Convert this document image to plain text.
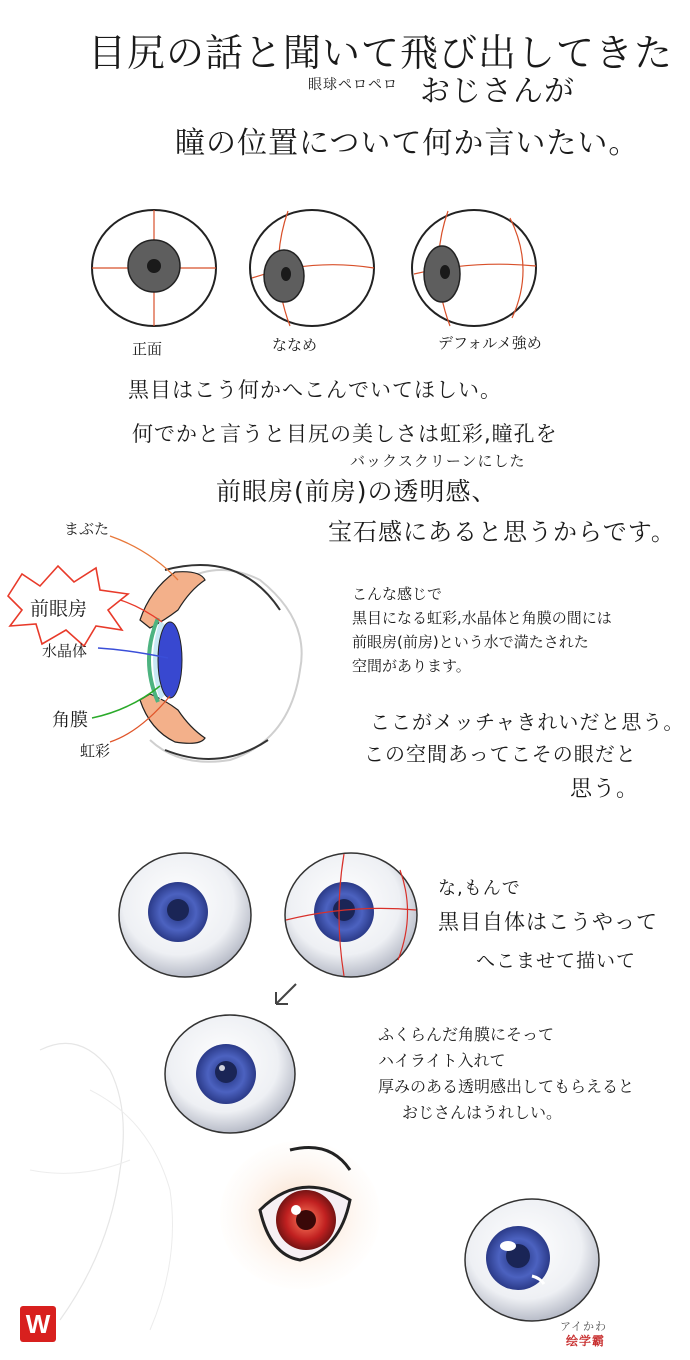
目尻の話と聞いて飛び出してきた
眼球ペロペロ おじさんが
瞳の位置について何か言いたい。
正面	ななめ	デフォルメ強め
黒目はこう何かへこんでいてほしい。
何でかと言うと目尻の美しさは虹彩,瞳孔を
バックスクリーンにした
前眼房(前房)の透明感、
宝石感にあると思うからです。
まぶた
前眼房
水晶体
角膜
虹彩
こんな感じで
黒目になる虹彩,水晶体と角膜の間には
前眼房(前房)という水で満たされた
空間があります。
ここがメッチャきれいだと思う。
この空間あってこその眼だと
思う。
な,もんで
黒目自体はこうやって
へこませて描いて
ふくらんだ角膜にそって
ハイライト入れて
厚みのある透明感出してもらえると
おじさんはうれしい。
W	アイかわ
绘学霸
